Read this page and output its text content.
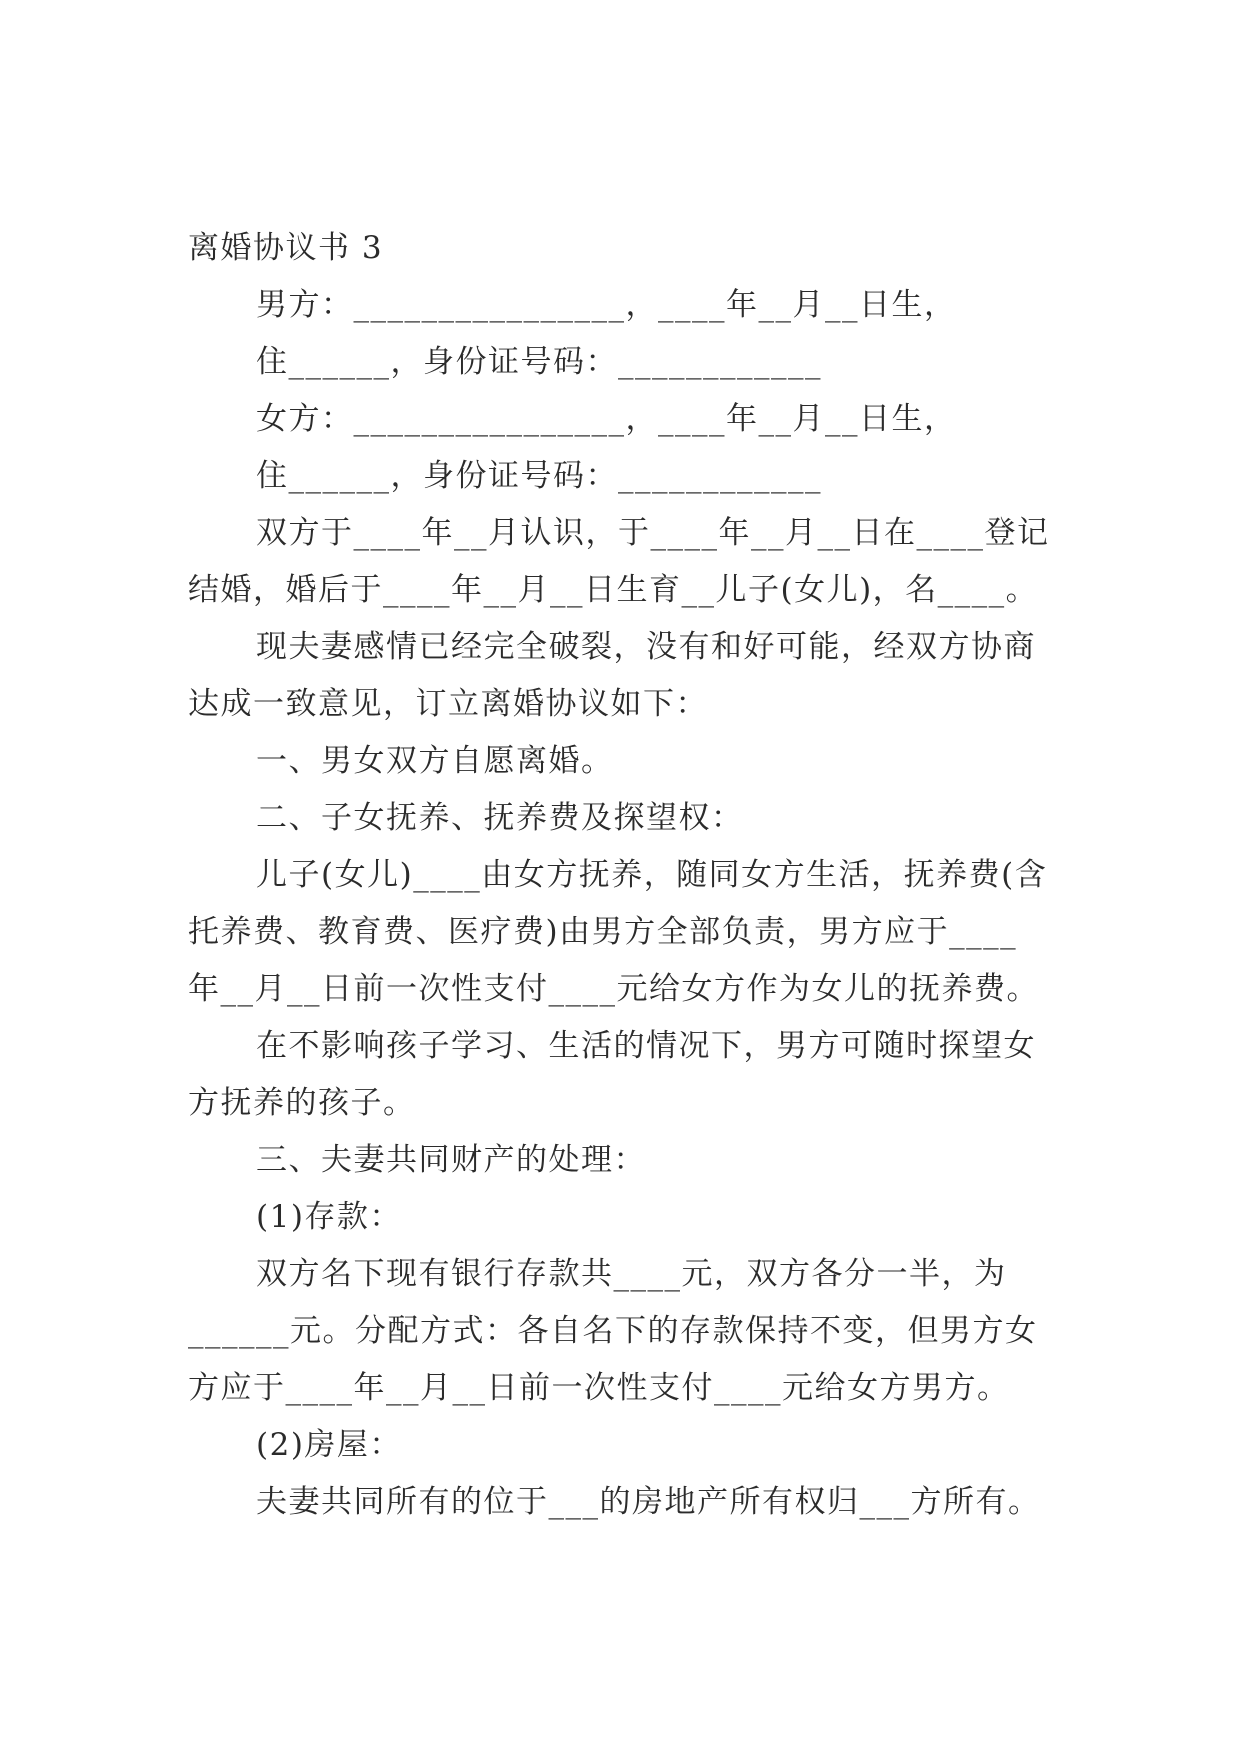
离婚协议书 3
男方：________________，____年__月__日生，
住______，身份证号码：____________
女方：________________，____年__月__日生，
住______，身份证号码：____________
双方于____年__月认识，于____年__月__日在____登记
结婚，婚后于____年__月__日生育__儿子(女儿)，名____。
现夫妻感情已经完全破裂，没有和好可能，经双方协商
达成一致意见，订立离婚协议如下：
一、男女双方自愿离婚。
二、子女抚养、抚养费及探望权：
儿子(女儿)____由女方抚养，随同女方生活，抚养费(含
托养费、教育费、医疗费)由男方全部负责，男方应于____
年__月__日前一次性支付____元给女方作为女儿的抚养费。
在不影响孩子学习、生活的情况下，男方可随时探望女
方抚养的孩子。
三、夫妻共同财产的处理：
(1)存款：
双方名下现有银行存款共____元，双方各分一半，为
______元。分配方式：各自名下的存款保持不变，但男方女
方应于____年__月__日前一次性支付____元给女方男方。
(2)房屋：
夫妻共同所有的位于___的房地产所有权归___方所有。
